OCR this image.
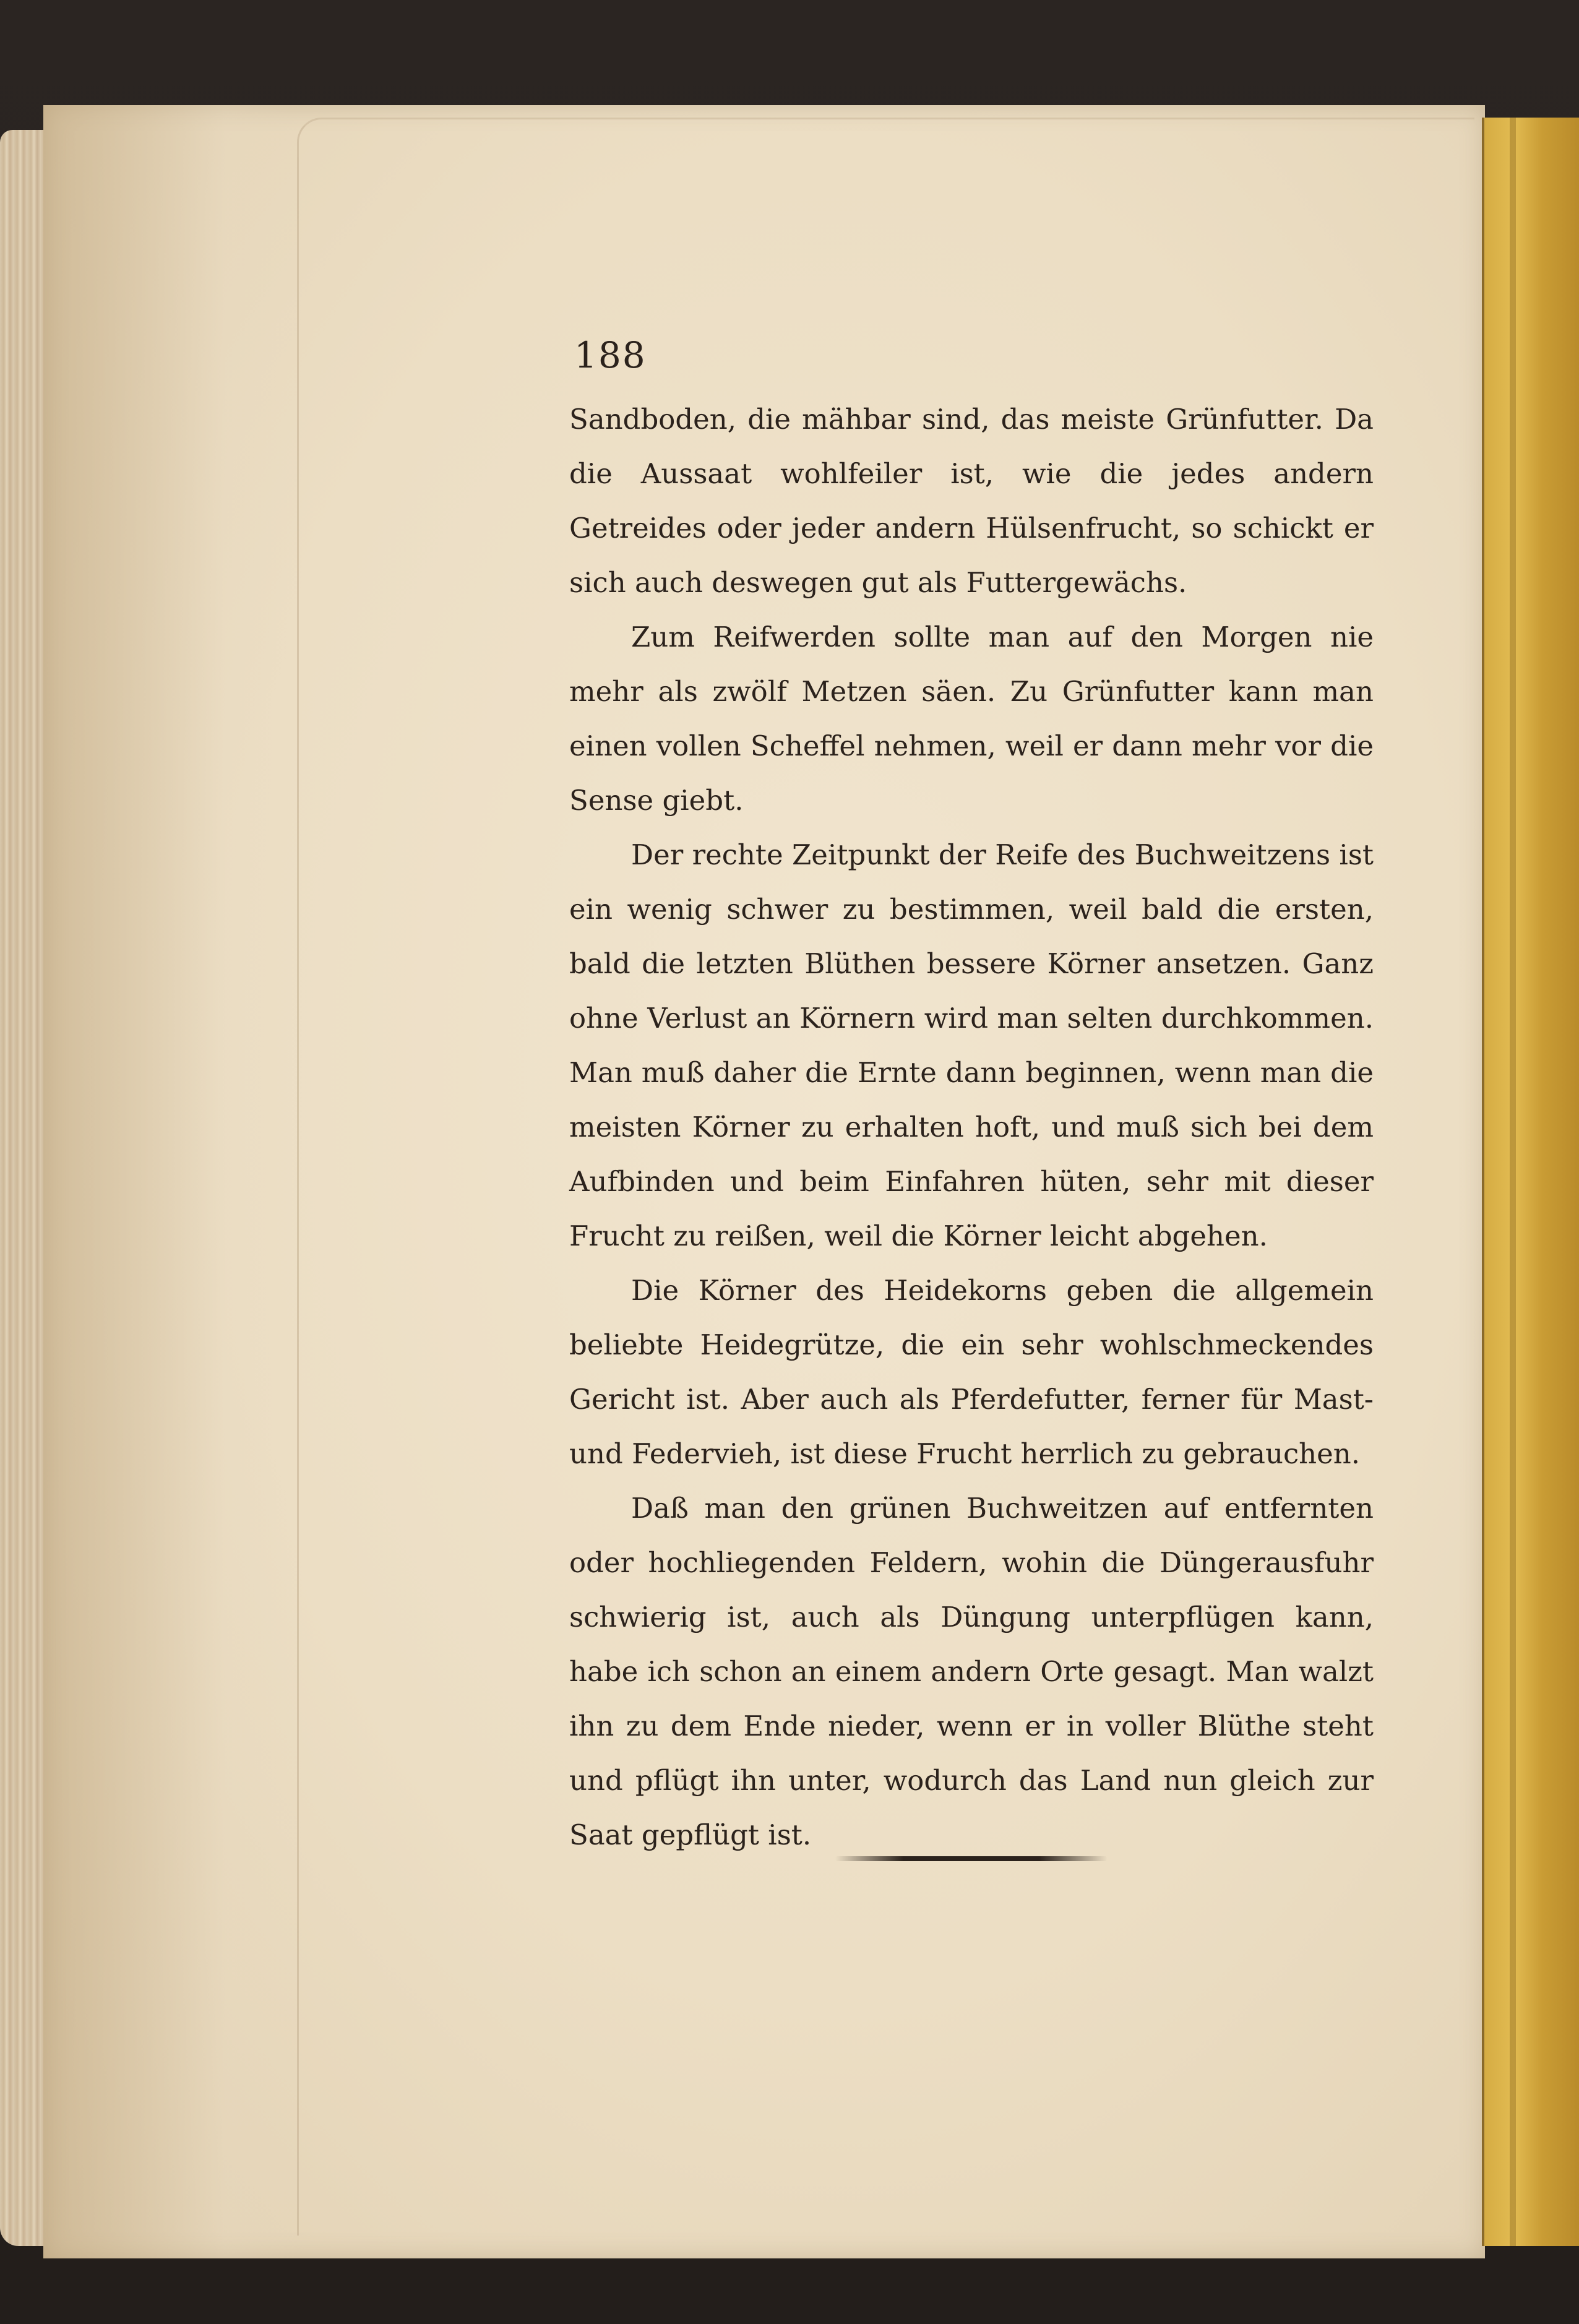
188

Sandboden, die mähbar sind, das meiste Grünfutter. Da die Aussaat wohlfeiler ist, wie die jedes andern Getreides oder jeder andern Hülsenfrucht, so schickt er sich auch deswegen gut als Futtergewächs.

Zum Reifwerden sollte man auf den Morgen nie mehr als zwölf Metzen säen. Zu Grünfutter kann man einen vollen Scheffel nehmen, weil er dann mehr vor die Sense giebt.

Der rechte Zeitpunkt der Reife des Buchweitzens ist ein wenig schwer zu bestimmen, weil bald die ersten, bald die letzten Blüthen bessere Körner ansetzen. Ganz ohne Verlust an Körnern wird man selten durchkommen. Man muß daher die Ernte dann beginnen, wenn man die meisten Körner zu erhalten hoft, und muß sich bei dem Aufbinden und beim Einfahren hüten, sehr mit dieser Frucht zu reißen, weil die Körner leicht abgehen.

Die Körner des Heidekorns geben die allgemein beliebte Heidegrütze, die ein sehr wohlschmeckendes Gericht ist. Aber auch als Pferdefutter, ferner für Mast- und Federvieh, ist diese Frucht herrlich zu gebrauchen.

Daß man den grünen Buchweitzen auf entfernten oder hochliegenden Feldern, wohin die Düngerausfuhr schwierig ist, auch als Düngung unterpflügen kann, habe ich schon an einem andern Orte gesagt. Man walzt ihn zu dem Ende nieder, wenn er in voller Blüthe steht und pflügt ihn unter, wodurch das Land nun gleich zur Saat gepflügt ist.
